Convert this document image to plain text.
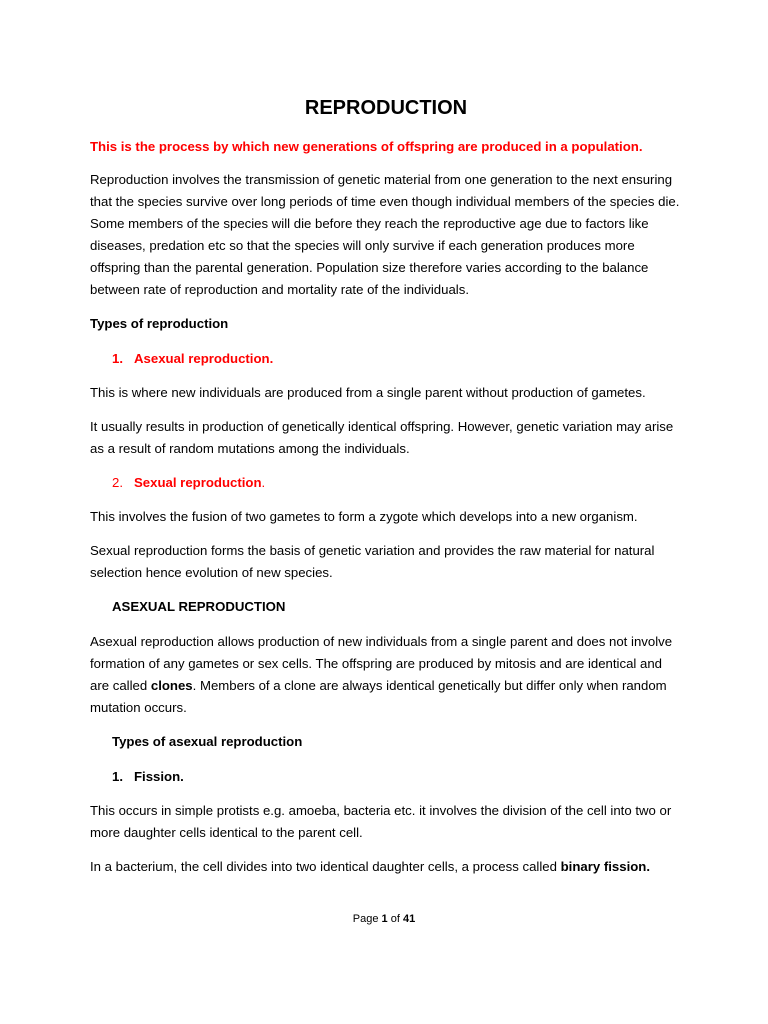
REPRODUCTION

This is the process by which new generations of offspring are produced in a population.

Reproduction involves the transmission of genetic material from one generation to the next ensuring that the species survive over long periods of time even though individual members of the species die. Some members of the species will die before they reach the reproductive age due to factors like diseases, predation etc so that the species will only survive if each generation produces more offspring than the parental generation. Population size therefore varies according to the balance between rate of reproduction and mortality rate of the individuals.

Types of reproduction

1. Asexual reproduction.

This is where new individuals are produced from a single parent without production of gametes.

It usually results in production of genetically identical offspring. However, genetic variation may arise as a result of random mutations among the individuals.

2. Sexual reproduction.

This involves the fusion of two gametes to form a zygote which develops into a new organism.

Sexual reproduction forms the basis of genetic variation and provides the raw material for natural selection hence evolution of new species.

ASEXUAL REPRODUCTION

Asexual reproduction allows production of new individuals from a single parent and does not involve formation of any gametes or sex cells. The offspring are produced by mitosis and are identical and are called clones. Members of a clone are always identical genetically but differ only when random mutation occurs.

Types of asexual reproduction

1. Fission.

This occurs in simple protists e.g. amoeba, bacteria etc. it involves the division of the cell into two or more daughter cells identical to the parent cell.

In a bacterium, the cell divides into two identical daughter cells, a process called binary fission.

Page 1 of 41
